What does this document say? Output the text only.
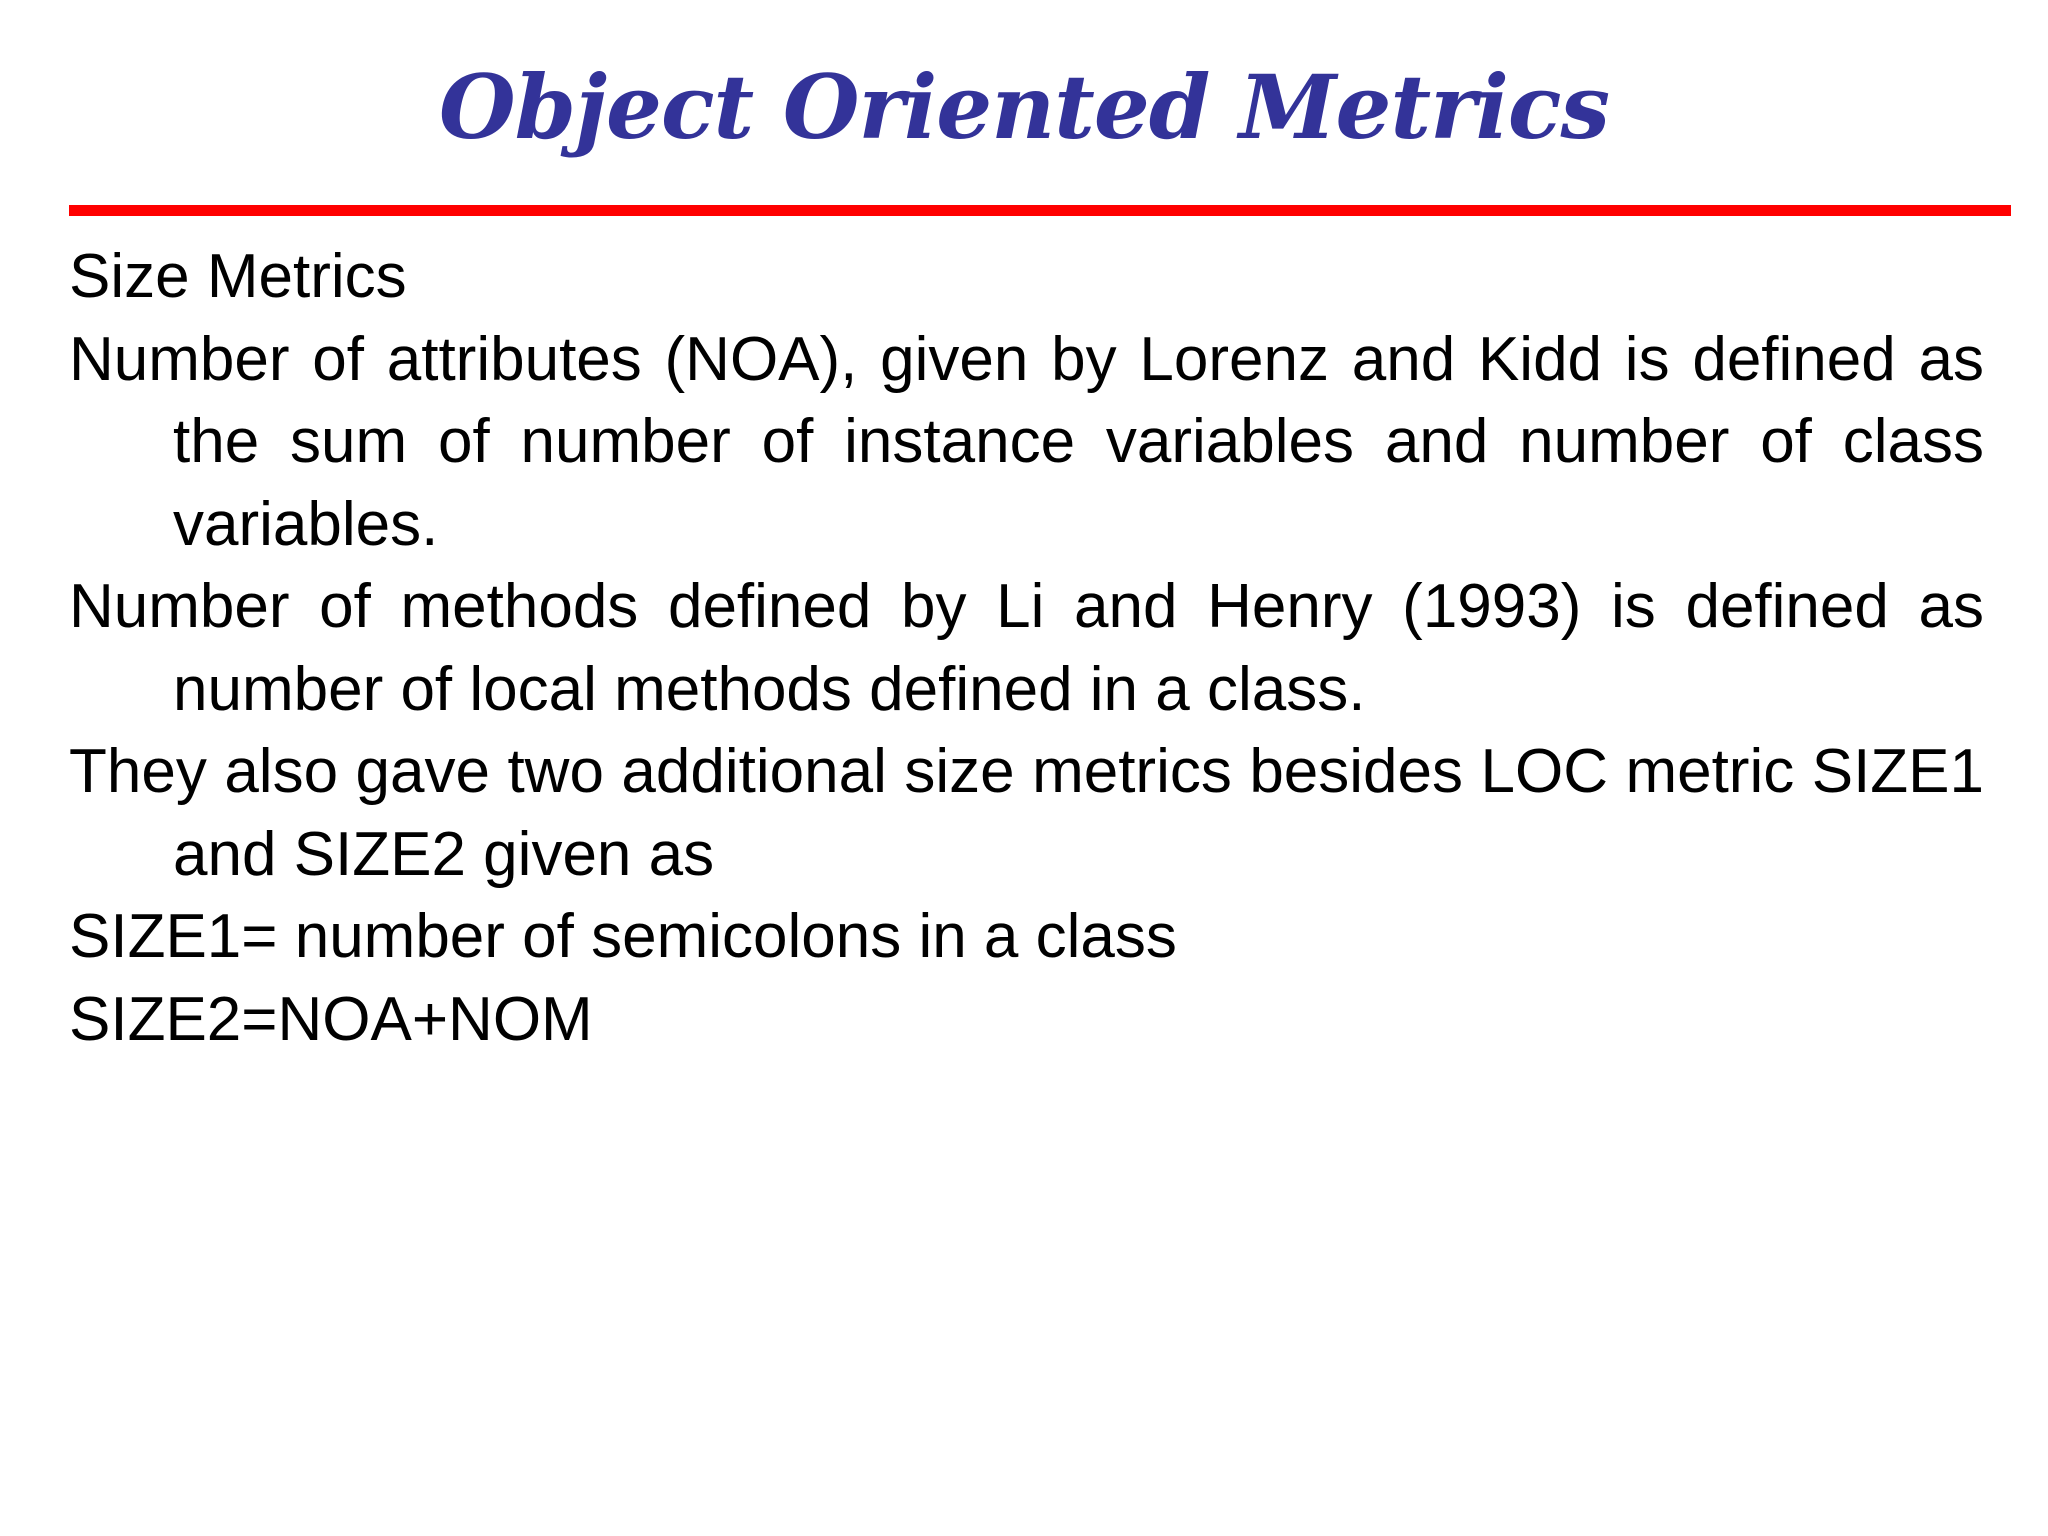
Object Oriented Metrics

Size Metrics

Number of attributes (NOA), given by Lorenz and Kidd is defined as the sum of number of instance variables and number of class variables.

Number of methods defined by Li and Henry (1993) is defined as number of local methods defined in a class.

They also gave two additional size metrics besides LOC metric SIZE1 and SIZE2 given as

SIZE1= number of semicolons in a class

SIZE2=NOA+NOM
